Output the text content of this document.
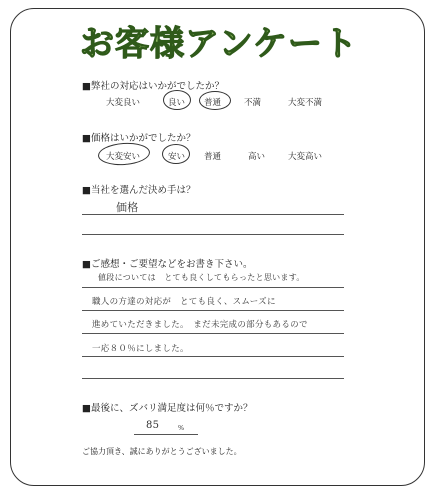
お客様アンケート
■弊社の対応はいかがでしたか？
大変良い	良い 普通	不満	大変不満
■価格はいかがでしたか？
大変安い	安い 普通	高い	大変高い
■当社を選んだ決め手は？
価格
■ご感想・ご要望などをお書き下さい。
値段については　とても良くしてもらったと思います。
職人の方達の対応が　とても良く、スムーズに
進めていただきました。　まだ未完成の部分もあるので
一応８０％にしました。
■最後に、ズバリ満足度は何％ですか？
85	%
ご協力頂き、誠にありがとうございました。
